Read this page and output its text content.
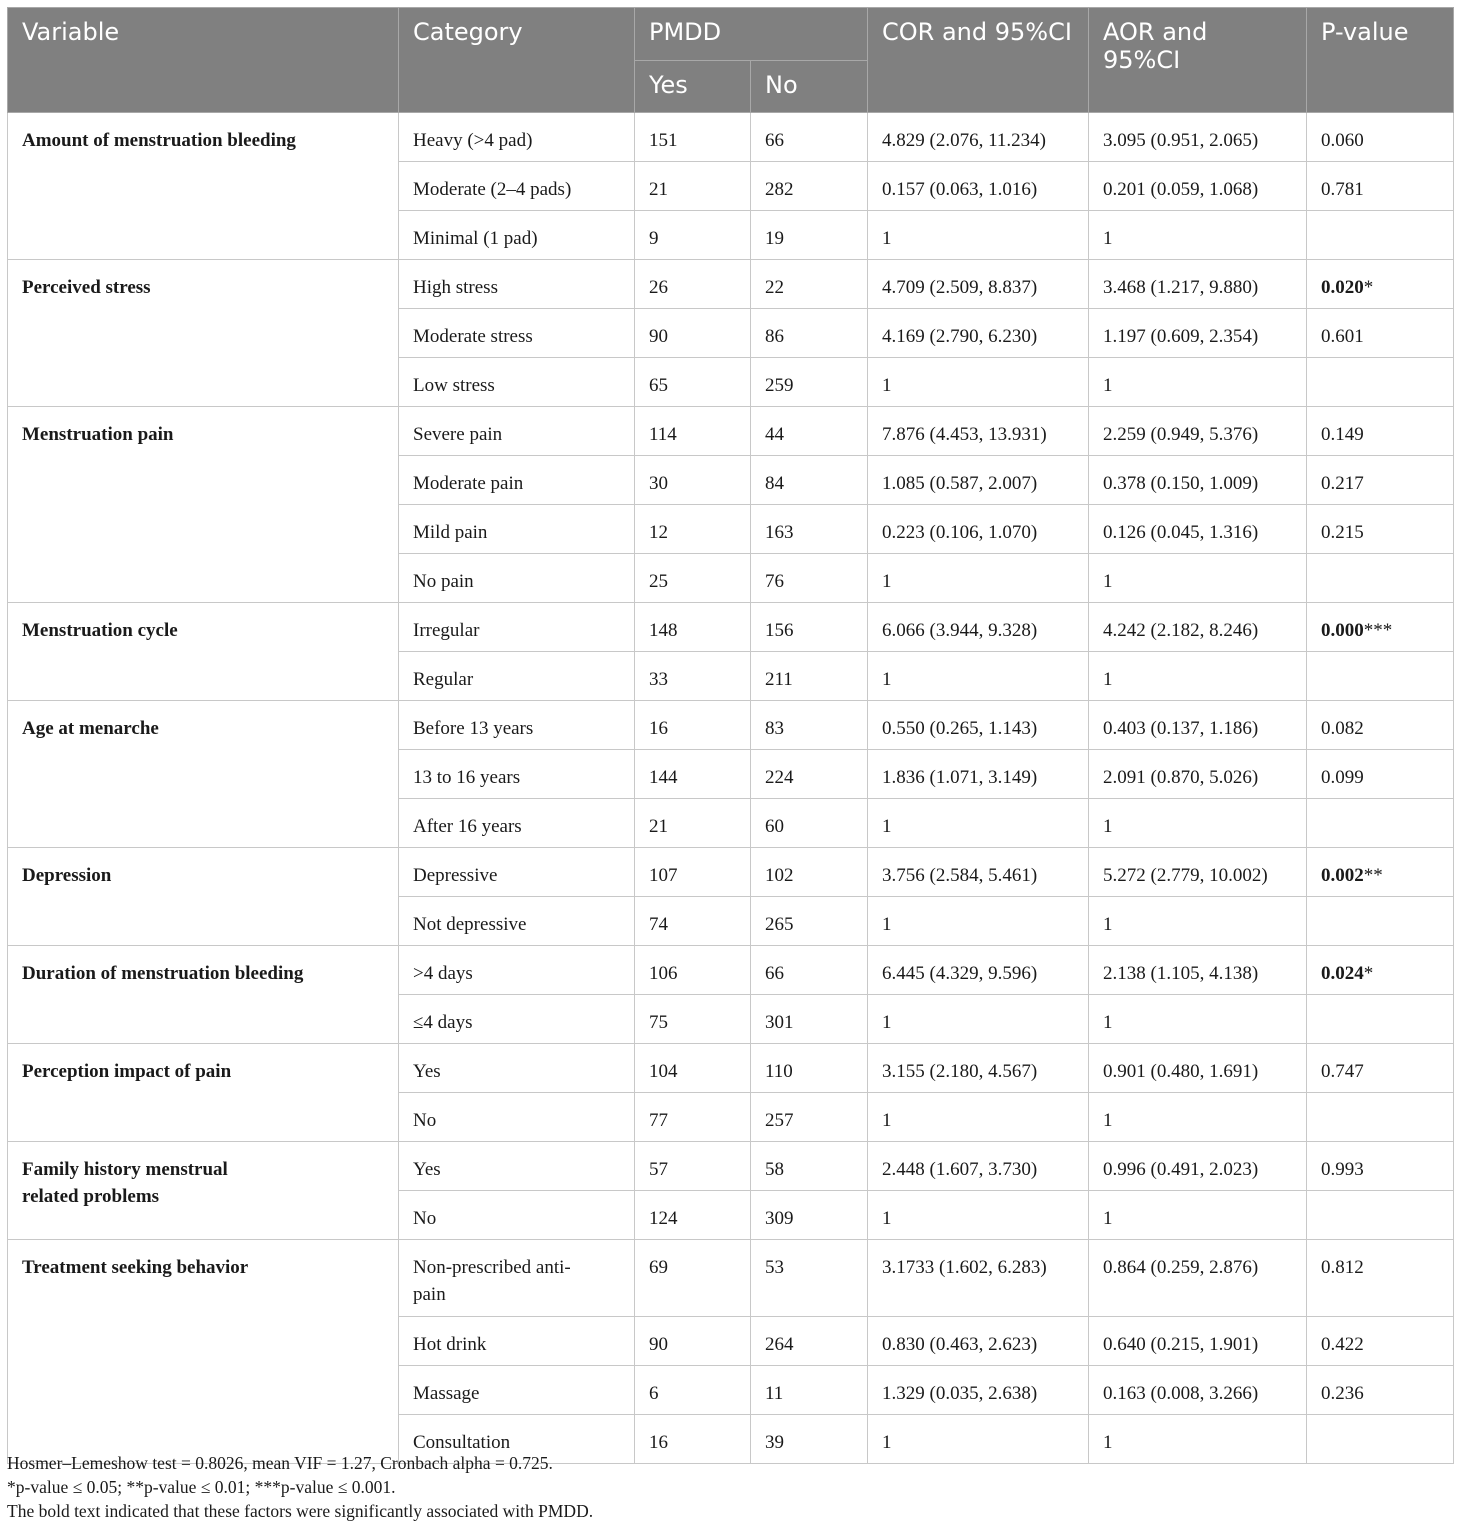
Variable	Category	PMDD		COR and 95%CI	AOR and 95%CI	P-value
		Yes	No			
Amount of menstruation bleeding	Heavy (>4 pad)	151	66	4.829 (2.076, 11.234)	3.095 (0.951, 2.065)	0.060
	Moderate (2–4 pads)	21	282	0.157 (0.063, 1.016)	0.201 (0.059, 1.068)	0.781
	Minimal (1 pad)	9	19	1	1	
Perceived stress	High stress	26	22	4.709 (2.509, 8.837)	3.468 (1.217, 9.880)	0.020*
	Moderate stress	90	86	4.169 (2.790, 6.230)	1.197 (0.609, 2.354)	0.601
	Low stress	65	259	1	1	
Menstruation pain	Severe pain	114	44	7.876 (4.453, 13.931)	2.259 (0.949, 5.376)	0.149
	Moderate pain	30	84	1.085 (0.587, 2.007)	0.378 (0.150, 1.009)	0.217
	Mild pain	12	163	0.223 (0.106, 1.070)	0.126 (0.045, 1.316)	0.215
	No pain	25	76	1	1	
Menstruation cycle	Irregular	148	156	6.066 (3.944, 9.328)	4.242 (2.182, 8.246)	0.000***
	Regular	33	211	1	1	
Age at menarche	Before 13 years	16	83	0.550 (0.265, 1.143)	0.403 (0.137, 1.186)	0.082
	13 to 16 years	144	224	1.836 (1.071, 3.149)	2.091 (0.870, 5.026)	0.099
	After 16 years	21	60	1	1	
Depression	Depressive	107	102	3.756 (2.584, 5.461)	5.272 (2.779, 10.002)	0.002**
	Not depressive	74	265	1	1	
Duration of menstruation bleeding	>4 days	106	66	6.445 (4.329, 9.596)	2.138 (1.105, 4.138)	0.024*
	≤4 days	75	301	1	1	
Perception impact of pain	Yes	104	110	3.155 (2.180, 4.567)	0.901 (0.480, 1.691)	0.747
	No	77	257	1	1	
Family history menstrual related problems	Yes	57	58	2.448 (1.607, 3.730)	0.996 (0.491, 2.023)	0.993
	No	124	309	1	1	
Treatment seeking behavior	Non-prescribed anti-pain	69	53	3.1733 (1.602, 6.283)	0.864 (0.259, 2.876)	0.812
	Hot drink	90	264	0.830 (0.463, 2.623)	0.640 (0.215, 1.901)	0.422
	Massage	6	11	1.329 (0.035, 2.638)	0.163 (0.008, 3.266)	0.236
	Consultation	16	39	1	1	
Hosmer–Lemeshow test = 0.8026, mean VIF = 1.27, Cronbach alpha = 0.725.
*p-value ≤ 0.05; **p-value ≤ 0.01; ***p-value ≤ 0.001.
The bold text indicated that these factors were significantly associated with PMDD.
